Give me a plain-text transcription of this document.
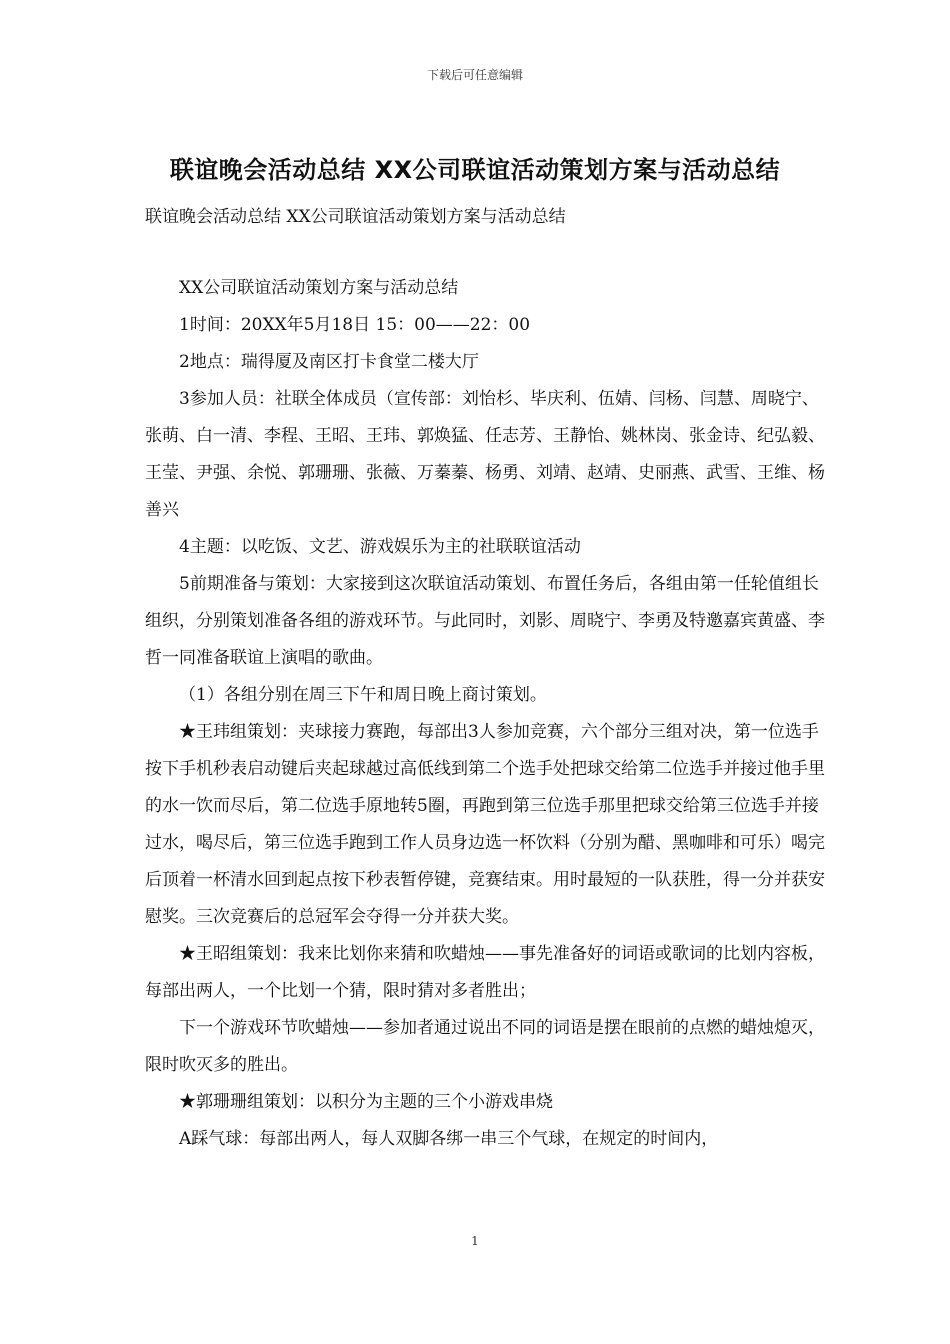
下载后可任意编辑
联谊晚会活动总结 XX公司联谊活动策划方案与活动总结
联谊晚会活动总结 XX公司联谊活动策划方案与活动总结

XX公司联谊活动策划方案与活动总结

1时间：20XX年5月18日 15：00——22：00

2地点：瑞得厦及南区打卡食堂二楼大厅

3参加人员：社联全体成员（宣传部：刘怡杉、毕庆利、伍婧、闫杨、闫慧、周晓宁、张萌、白一清、李程、王昭、王玮、郭焕猛、任志芳、王静怡、姚林岗、张金诗、纪弘毅、王莹、尹强、余悦、郭珊珊、张薇、万蓁蓁、杨勇、刘靖、赵靖、史丽燕、武雪、王维、杨善兴

4主题：以吃饭、文艺、游戏娱乐为主的社联联谊活动

5前期准备与策划：大家接到这次联谊活动策划、布置任务后，各组由第一任轮值组长组织，分别策划准备各组的游戏环节。与此同时，刘影、周晓宁、李勇及特邀嘉宾黄盛、李哲一同准备联谊上演唱的歌曲。

（1）各组分别在周三下午和周日晚上商讨策划。

★王玮组策划：夹球接力赛跑，每部出3人参加竞赛，六个部分三组对决，第一位选手按下手机秒表启动键后夹起球越过高低线到第二个选手处把球交给第二位选手并接过他手里的水一饮而尽后，第二位选手原地转5圈，再跑到第三位选手那里把球交给第三位选手并接过水，喝尽后，第三位选手跑到工作人员身边选一杯饮料（分别为醋、黑咖啡和可乐）喝完后顶着一杯清水回到起点按下秒表暂停键，竞赛结束。用时最短的一队获胜，得一分并获安慰奖。三次竞赛后的总冠军会夺得一分并获大奖。

★王昭组策划：我来比划你来猜和吹蜡烛——事先准备好的词语或歌词的比划内容板，每部出两人，一个比划一个猜，限时猜对多者胜出；

下一个游戏环节吹蜡烛——参加者通过说出不同的词语是摆在眼前的点燃的蜡烛熄灭，限时吹灭多的胜出。

★郭珊珊组策划：以积分为主题的三个小游戏串烧

A踩气球：每部出两人，每人双脚各绑一串三个气球，在规定的时间内，

1
